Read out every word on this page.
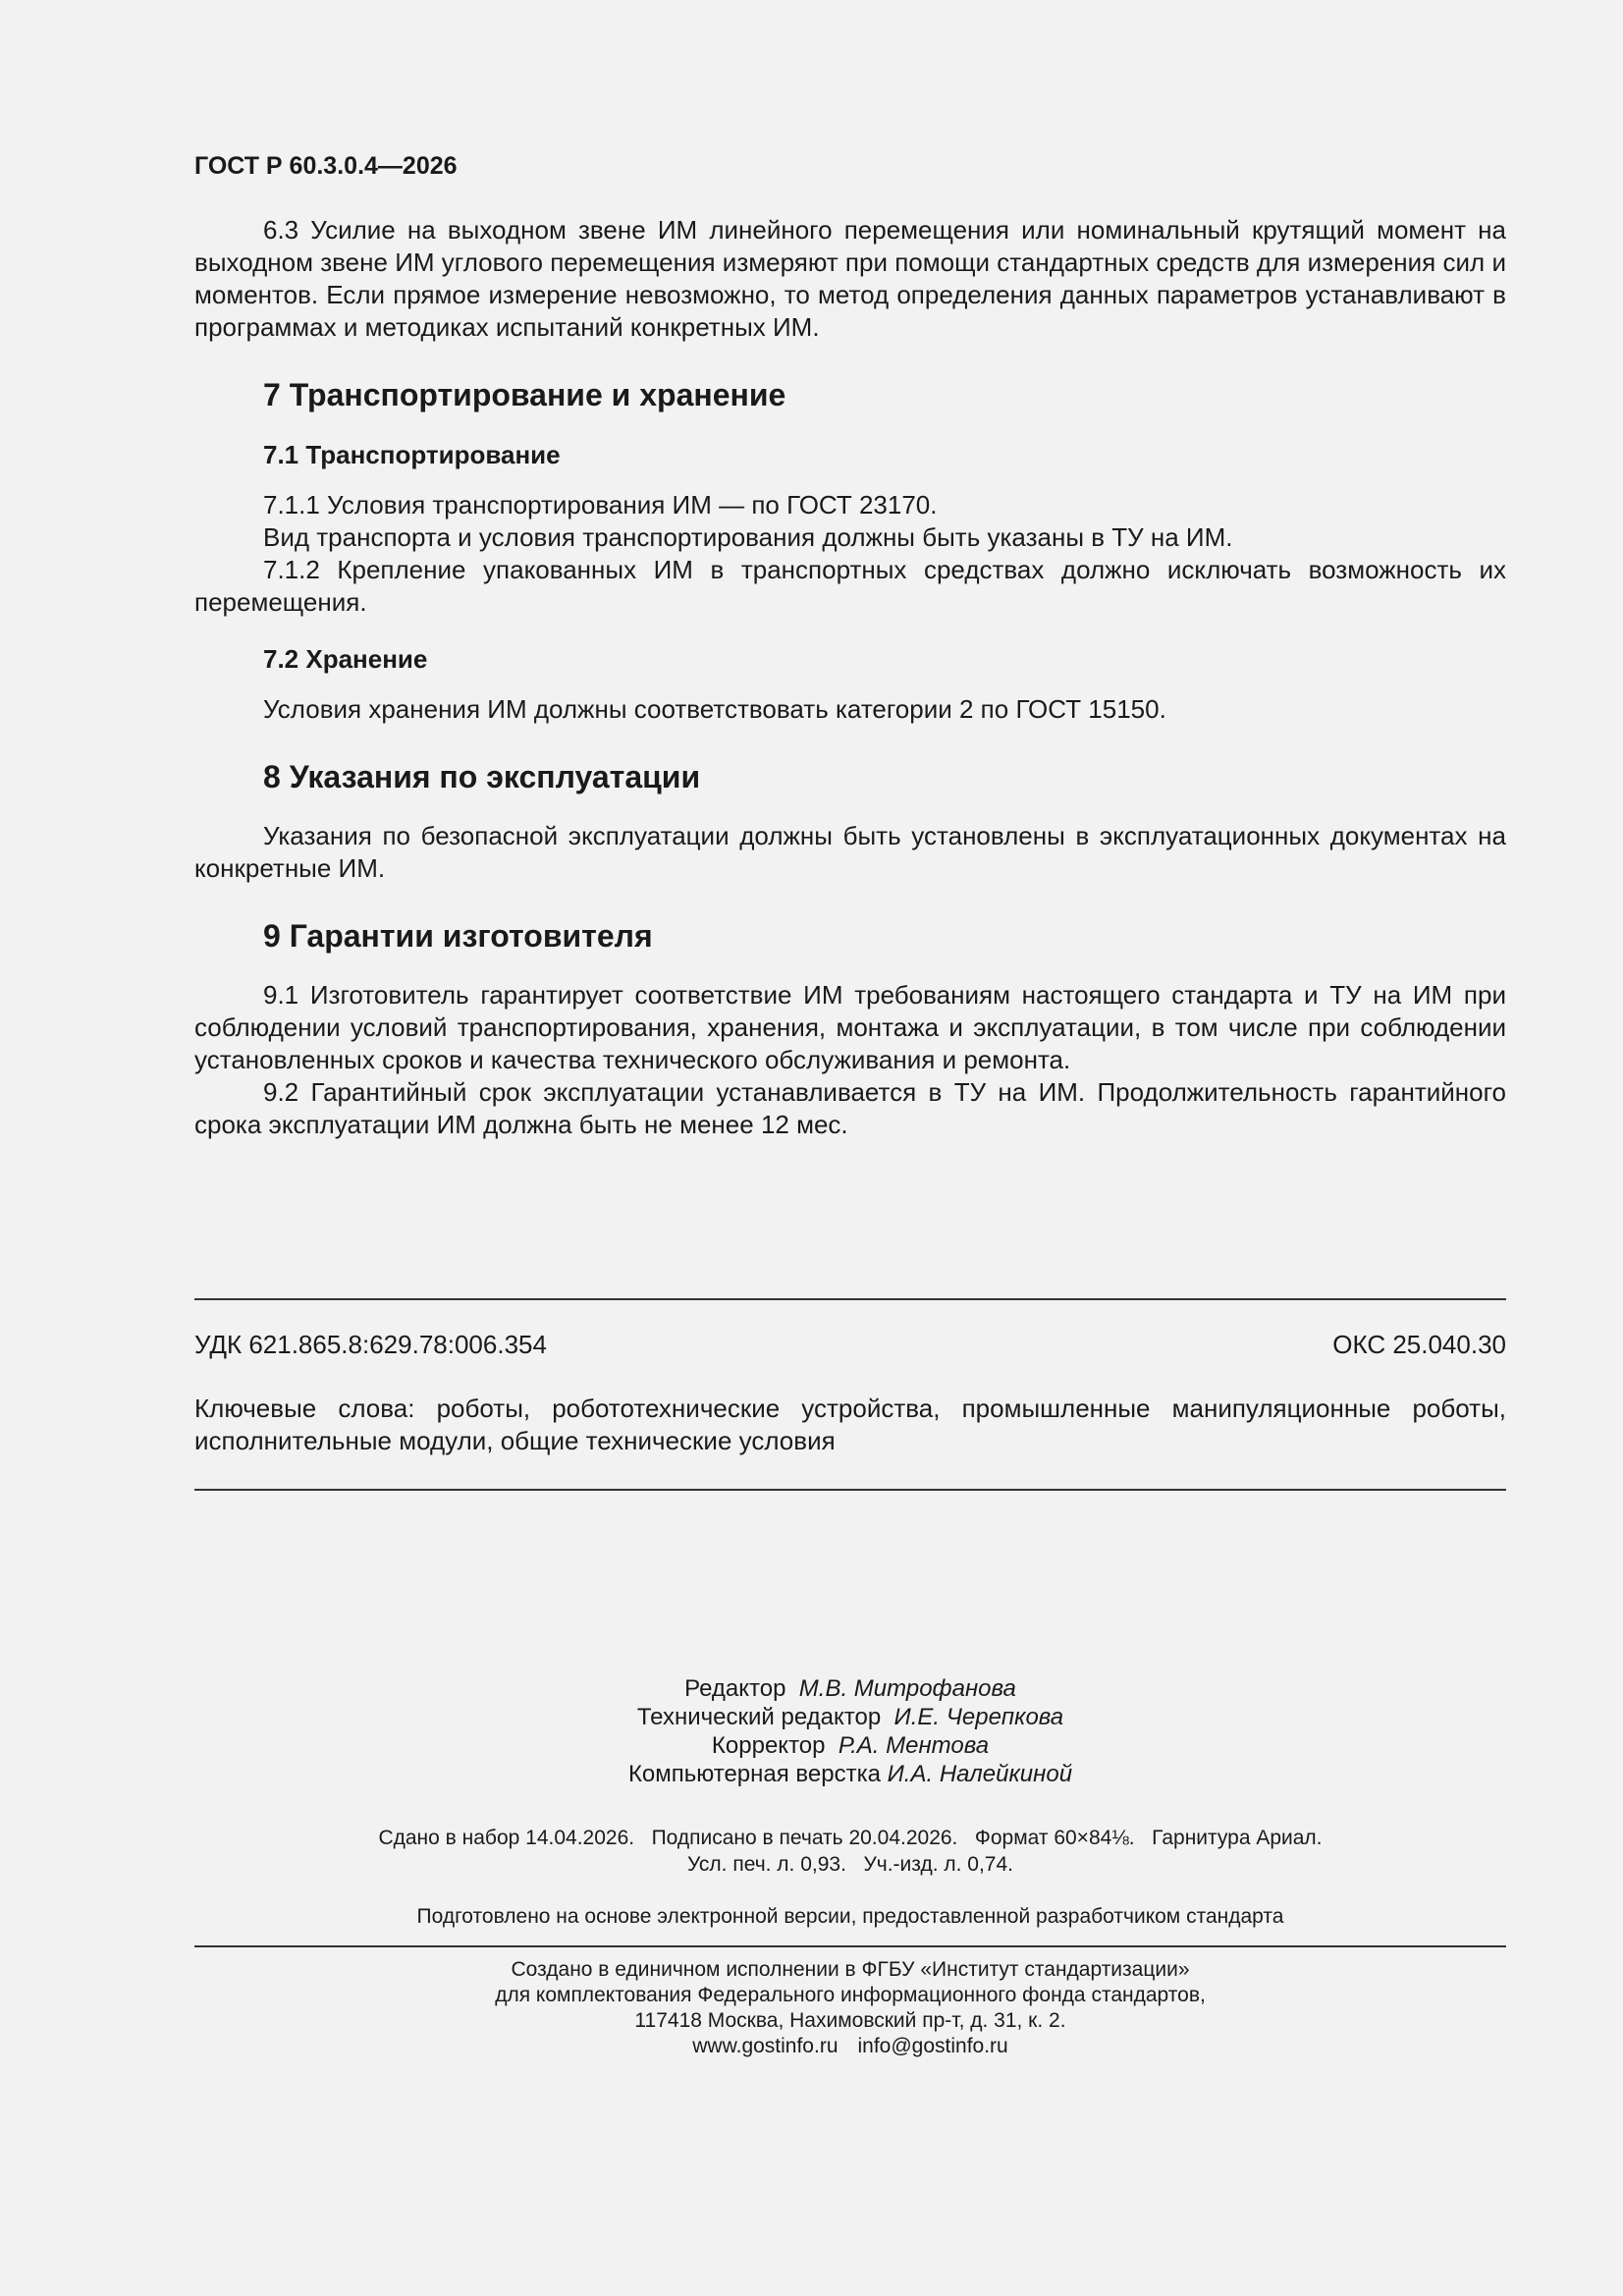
ГОСТ Р 60.3.0.4—2026

6.3 Усилие на выходном звене ИМ линейного перемещения или номинальный крутящий момент на выходном звене ИМ углового перемещения измеряют при помощи стандартных средств для измерения сил и моментов. Если прямое измерение невозможно, то метод определения данных параметров устанавливают в программах и методиках испытаний конкретных ИМ.

7 Транспортирование и хранение
7.1 Транспортирование

7.1.1 Условия транспортирования ИМ — по ГОСТ 23170.

Вид транспорта и условия транспортирования должны быть указаны в ТУ на ИМ.

7.1.2 Крепление упакованных ИМ в транспортных средствах должно исключать возможность их перемещения.

7.2 Хранение

Условия хранения ИМ должны соответствовать категории 2 по ГОСТ 15150.

8 Указания по эксплуатации

Указания по безопасной эксплуатации должны быть установлены в эксплуатационных документах на конкретные ИМ.

9 Гарантии изготовителя

9.1 Изготовитель гарантирует соответствие ИМ требованиям настоящего стандарта и ТУ на ИМ при соблюдении условий транспортирования, хранения, монтажа и эксплуатации, в том числе при соблюдении установленных сроков и качества технического обслуживания и ремонта.

9.2 Гарантийный срок эксплуатации устанавливается в ТУ на ИМ. Продолжительность гарантийного срока эксплуатации ИМ должна быть не менее 12 мес.

УДК 621.865.8:629.78:006.354	ОКС 25.040.30

Ключевые слова: роботы, робототехнические устройства, промышленные манипуляционные роботы, исполнительные модули, общие технические условия

Редактор М.В. Митрофанова
Технический редактор И.Е. Черепкова
Корректор Р.А. Ментова
Компьютерная верстка И.А. Налейкиной
Сдано в набор 14.04.2026.   Подписано в печать 20.04.2026.   Формат 60×84⅛.   Гарнитура Ариал.
Усл. печ. л. 0,93.   Уч.-изд. л. 0,74.
Подготовлено на основе электронной версии, предоставленной разработчиком стандарта
Создано в единичном исполнении в ФГБУ «Институт стандартизации»
для комплектования Федерального информационного фонда стандартов,
117418 Москва, Нахимовский пр-т, д. 31, к. 2.
www.gostinfo.ru info@gostinfo.ru
